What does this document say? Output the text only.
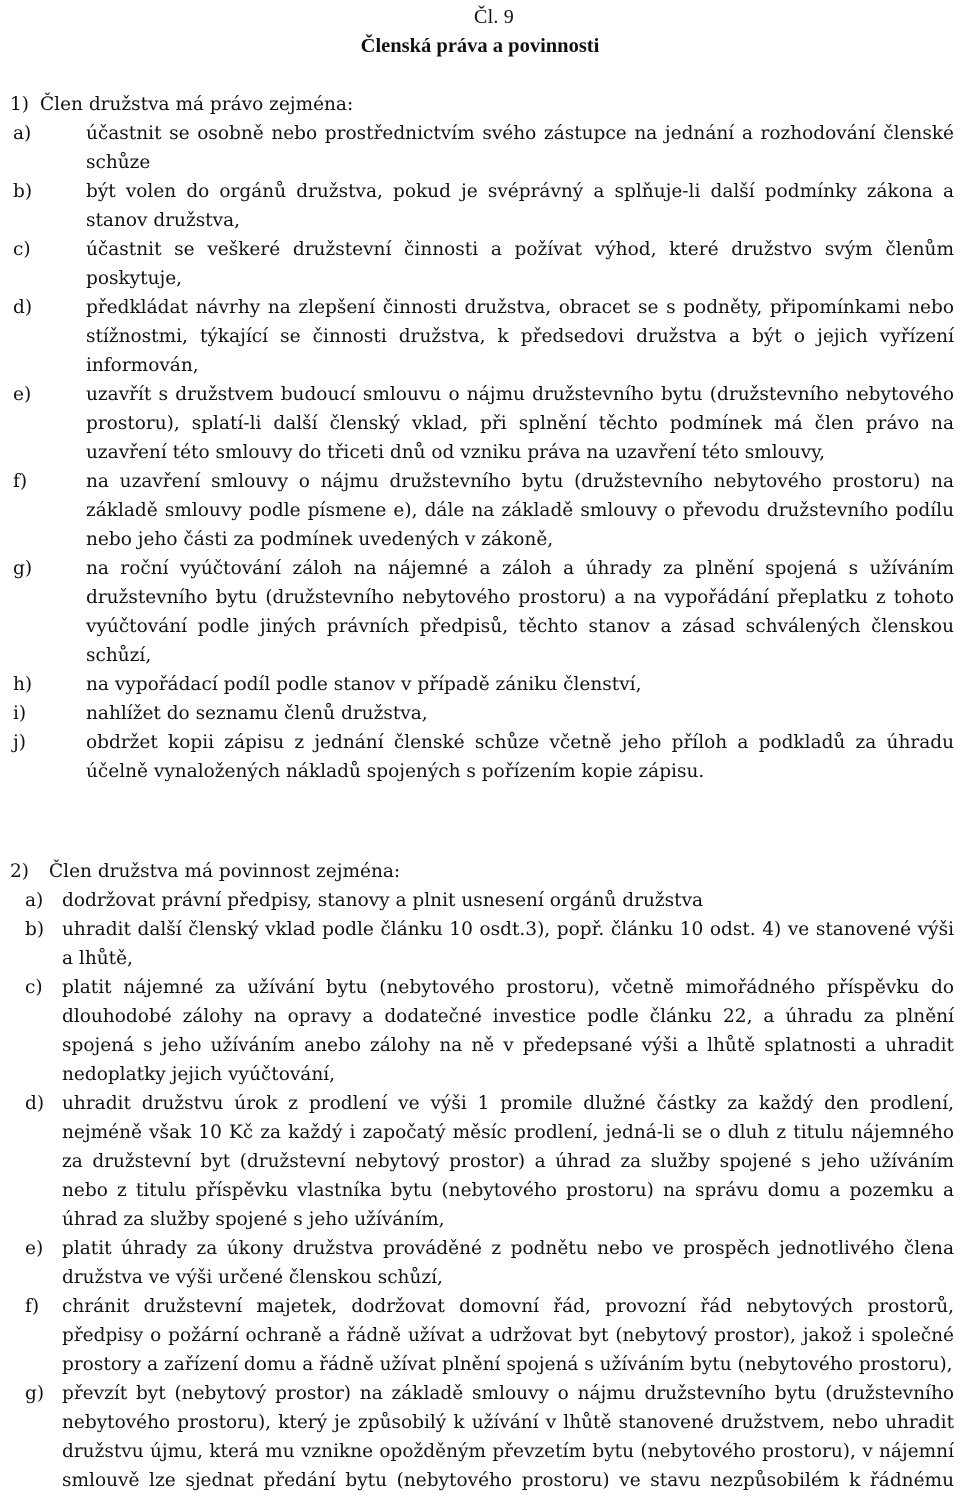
Čl. 9
Členská práva a povinnosti
1) Člen družstva má právo zejména:
a)	účastnit se osobně nebo prostřednictvím svého zástupce na jednání a rozhodování členské schůze
b)	být volen do orgánů družstva, pokud je svéprávný a splňuje-li další podmínky zákona a stanov družstva,
c)	účastnit se veškeré družstevní činnosti a požívat výhod, které družstvo svým členům poskytuje,
d)	předkládat návrhy na zlepšení činnosti družstva, obracet se s podněty, připomínkami nebo stížnostmi, týkající se činnosti družstva, k předsedovi družstva a být o jejich vyřízení informován,
e)	uzavřít s družstvem budoucí smlouvu o nájmu družstevního bytu (družstevního nebytového prostoru), splatí-li další členský vklad, při splnění těchto podmínek má člen právo na uzavření této smlouvy do třiceti dnů od vzniku práva na uzavření této smlouvy,
f)	na uzavření smlouvy o nájmu družstevního bytu (družstevního nebytového prostoru) na základě smlouvy podle písmene e), dále na základě smlouvy o převodu družstevního podílu nebo jeho části za podmínek uvedených v zákoně,
g)	na roční vyúčtování záloh na nájemné a záloh a úhrady za plnění spojená s užíváním družstevního bytu (družstevního nebytového prostoru) a na vypořádání přeplatku z tohoto vyúčtování podle jiných právních předpisů, těchto stanov a zásad schválených členskou schůzí,
h)	na vypořádací podíl podle stanov v případě zániku členství,
i)	nahlížet do seznamu členů družstva,
j)	obdržet kopii zápisu z jednání členské schůze včetně jeho příloh a podkladů za úhradu účelně vynaložených nákladů spojených s pořízením kopie zápisu.
2) Člen družstva má povinnost zejména:
a) dodržovat právní předpisy, stanovy a plnit usnesení orgánů družstva
b) uhradit další členský vklad podle článku 10 osdt.3), popř. článku 10 odst. 4) ve stanovené výši a lhůtě,
c) platit nájemné za užívání bytu (nebytového prostoru), včetně mimořádného příspěvku do dlouhodobé zálohy na opravy a dodatečné investice podle článku 22, a úhradu za plnění spojená s jeho užíváním anebo zálohy na ně v předepsané výši a lhůtě splatnosti a uhradit nedoplatky jejich vyúčtování,
d) uhradit družstvu úrok z prodlení ve výši 1 promile dlužné částky za každý den prodlení, nejméně však 10 Kč za každý i započatý měsíc prodlení, jedná-li se o dluh z titulu nájemného za družstevní byt (družstevní nebytový prostor) a úhrad za služby spojené s jeho užíváním nebo z titulu příspěvku vlastníka bytu (nebytového prostoru) na správu domu a pozemku a úhrad za služby spojené s jeho užíváním,
e) platit úhrady za úkony družstva prováděné z podnětu nebo ve prospěch jednotlivého člena družstva ve výši určené členskou schůzí,
f) chránit družstevní majetek, dodržovat domovní řád, provozní řád nebytových prostorů, předpisy o požární ochraně a řádně užívat a udržovat byt (nebytový prostor), jakož i společné prostory a zařízení domu a řádně užívat plnění spojená s užíváním bytu (nebytového prostoru),
g) převzít byt (nebytový prostor) na základě smlouvy o nájmu družstevního bytu (družstevního nebytového prostoru), který je způsobilý k užívání v lhůtě stanovené družstvem, nebo uhradit družstvu újmu, která mu vznikne opožděným převzetím bytu (nebytového prostoru), v nájemní smlouvě lze sjednat předání bytu (nebytového prostoru) ve stavu nezpůsobilém k řádnému
